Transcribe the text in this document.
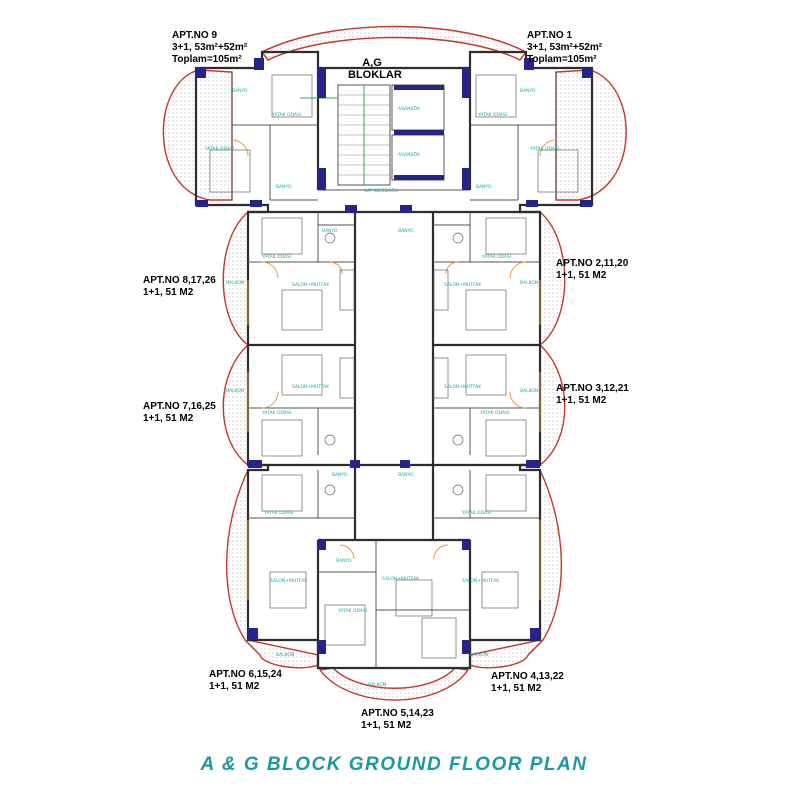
BANYO
YATAK ODASI
YATAK ODASI
BANYO
BANYO
YATAK ODASI
YATAK ODASI
BANYO
ASANSÖR
ASANSÖR
KAT KORİDORU
BANYO	BANYO
YATAK ODASI	YATAK ODASI
BALKON	BALKON
SALON+MUTFAK	SALON+MUTFAK
SALON+MUTFAK	SALON+MUTFAK
BALKON	BALKON
YATAK ODASI	YATAK ODASI
BANYO	BANYO
YATAK ODASI	YATAK ODASI
BANYO
SALON+MUTFAK
SALON+MUTFAK	SALON+MUTFAK
YATAK ODASI
BALKON	BALKON
BALKON
A,G
BLOKLAR
APT.NO 9
3+1, 53m²+52m²
Toplam=105m²
APT.NO 1
3+1, 53m²+52m²
Toplam=105m²
APT.NO 8,17,26
1+1, 51 M2
APT.NO 2,11,20
1+1, 51 M2
APT.NO 7,16,25
1+1, 51 M2
APT.NO 3,12,21
1+1, 51 M2
APT.NO 6,15,24
1+1, 51 M2
APT.NO 4,13,22
1+1, 51 M2
APT.NO 5,14,23
1+1, 51 M2
A & G BLOCK GROUND FLOOR PLAN
